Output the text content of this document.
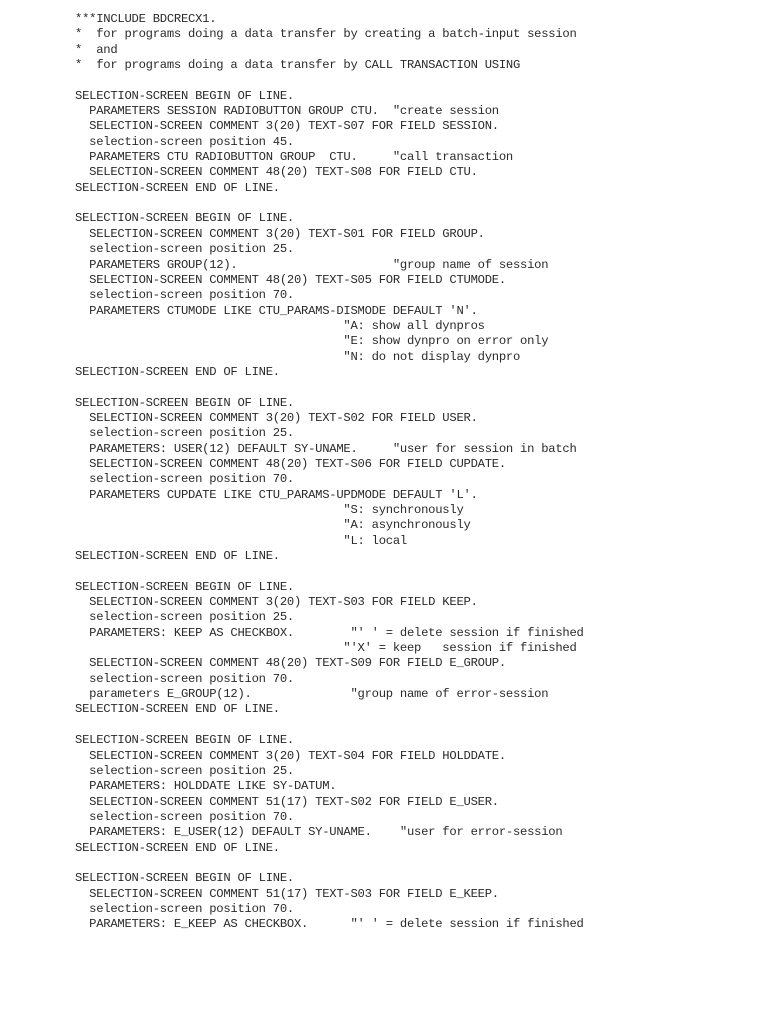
***INCLUDE BDCRECX1.
*  for programs doing a data transfer by creating a batch-input session
*  and
*  for programs doing a data transfer by CALL TRANSACTION USING
SELECTION-SCREEN BEGIN OF LINE.
PARAMETERS SESSION RADIOBUTTON GROUP CTU.  "create session
SELECTION-SCREEN COMMENT 3(20) TEXT-S07 FOR FIELD SESSION.
selection-screen position 45.
PARAMETERS CTU RADIOBUTTON GROUP  CTU.     "call transaction
SELECTION-SCREEN COMMENT 48(20) TEXT-S08 FOR FIELD CTU.
SELECTION-SCREEN END OF LINE.
SELECTION-SCREEN BEGIN OF LINE.
SELECTION-SCREEN COMMENT 3(20) TEXT-S01 FOR FIELD GROUP.
selection-screen position 25.
PARAMETERS GROUP(12).                      "group name of session
SELECTION-SCREEN COMMENT 48(20) TEXT-S05 FOR FIELD CTUMODE.
selection-screen position 70.
PARAMETERS CTUMODE LIKE CTU_PARAMS-DISMODE DEFAULT 'N'.
"A: show all dynpros
"E: show dynpro on error only
"N: do not display dynpro
SELECTION-SCREEN END OF LINE.
SELECTION-SCREEN BEGIN OF LINE.
SELECTION-SCREEN COMMENT 3(20) TEXT-S02 FOR FIELD USER.
selection-screen position 25.
PARAMETERS: USER(12) DEFAULT SY-UNAME.     "user for session in batch
SELECTION-SCREEN COMMENT 48(20) TEXT-S06 FOR FIELD CUPDATE.
selection-screen position 70.
PARAMETERS CUPDATE LIKE CTU_PARAMS-UPDMODE DEFAULT 'L'.
"S: synchronously
"A: asynchronously
"L: local
SELECTION-SCREEN END OF LINE.
SELECTION-SCREEN BEGIN OF LINE.
SELECTION-SCREEN COMMENT 3(20) TEXT-S03 FOR FIELD KEEP.
selection-screen position 25.
PARAMETERS: KEEP AS CHECKBOX.        "' ' = delete session if finished
"'X' = keep   session if finished
SELECTION-SCREEN COMMENT 48(20) TEXT-S09 FOR FIELD E_GROUP.
selection-screen position 70.
parameters E_GROUP(12).              "group name of error-session
SELECTION-SCREEN END OF LINE.
SELECTION-SCREEN BEGIN OF LINE.
SELECTION-SCREEN COMMENT 3(20) TEXT-S04 FOR FIELD HOLDDATE.
selection-screen position 25.
PARAMETERS: HOLDDATE LIKE SY-DATUM.
SELECTION-SCREEN COMMENT 51(17) TEXT-S02 FOR FIELD E_USER.
selection-screen position 70.
PARAMETERS: E_USER(12) DEFAULT SY-UNAME.    "user for error-session
SELECTION-SCREEN END OF LINE.
SELECTION-SCREEN BEGIN OF LINE.
SELECTION-SCREEN COMMENT 51(17) TEXT-S03 FOR FIELD E_KEEP.
selection-screen position 70.
PARAMETERS: E_KEEP AS CHECKBOX.      "' ' = delete session if finished
